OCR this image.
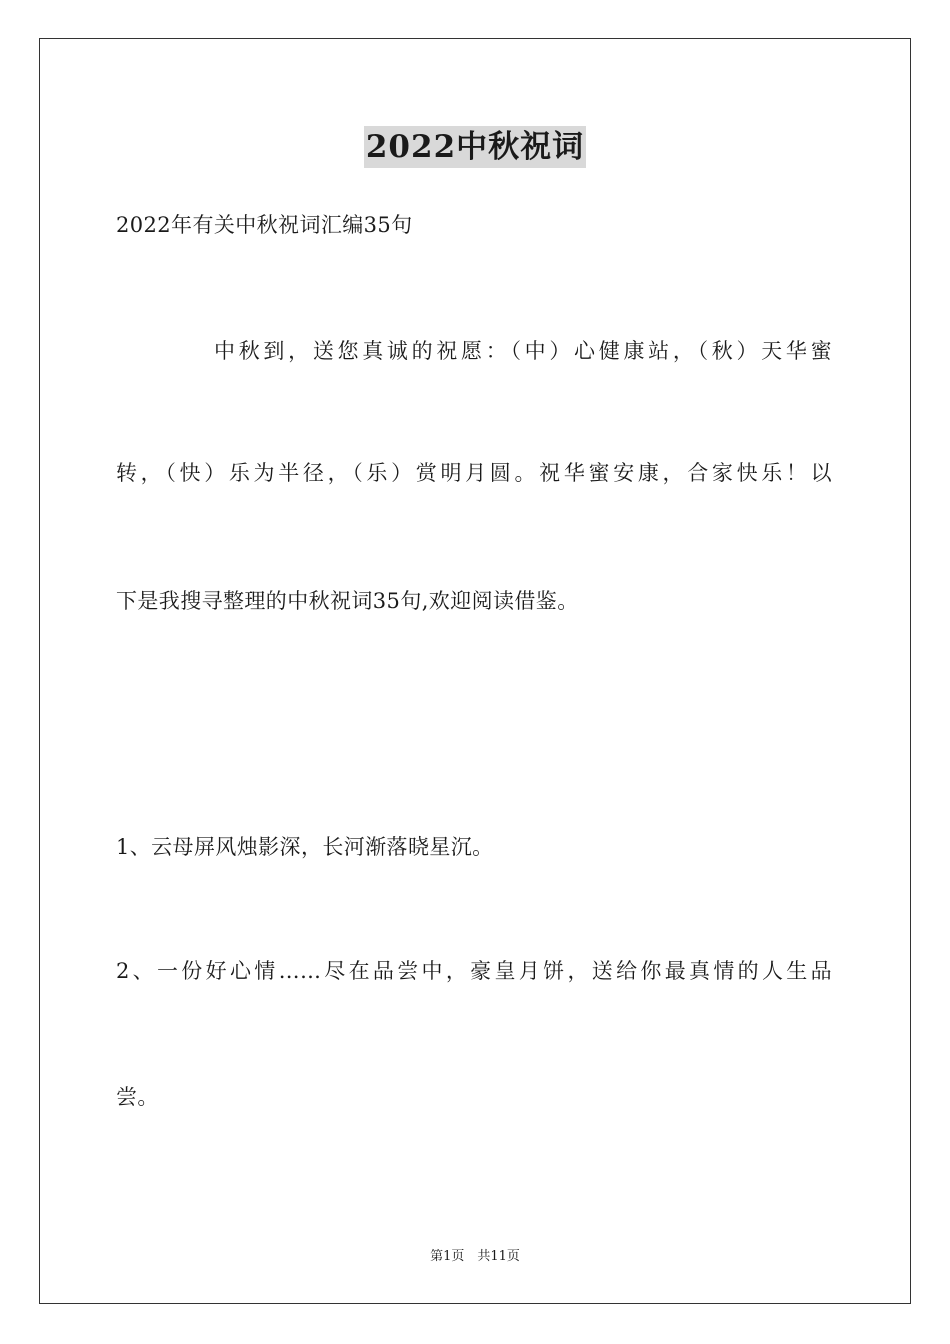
2022中秋祝词
2022年有关中秋祝词汇编35句
中秋到，送您真诚的祝愿：（中）心健康站，（秋）天华蜜
转，（快）乐为半径，（乐）赏明月圆。祝华蜜安康，合家快乐！以
下是我搜寻整理的中秋祝词35句,欢迎阅读借鉴。
1、云母屏风烛影深，长河渐落晓星沉。
2、一份好心情……尽在品尝中，豪皇月饼，送给你最真情的人生品
尝。
第1页　共11页
